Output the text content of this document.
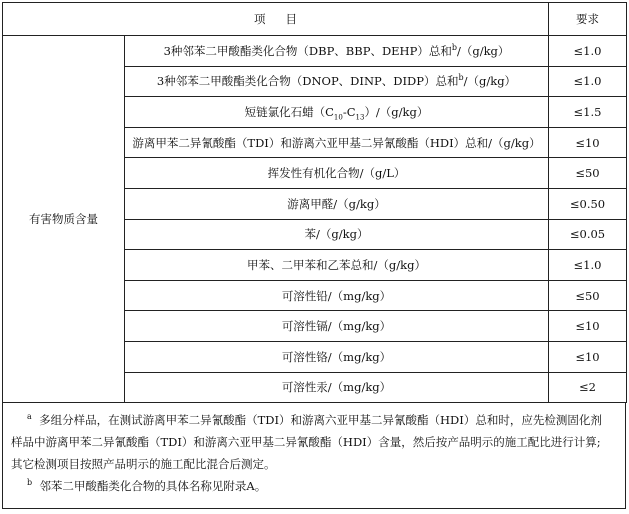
项目		要求
有害物质含量	3种邻苯二甲酸酯类化合物（DBP、BBP、DEHP）总和$^b$/（g/kg）	≤1.0
	3种邻苯二甲酸酯类化合物（DNOP、DINP、DIDP）总和$^b$/（g/kg）	≤1.0
	短链氯化石蜡$(C_{10}-C_{13})/(g/kg)$	≤1.5
	游离甲苯二异氰酸酯（TDI）和游离六亚甲基二异氰酸酯（HDI）总和/（g/kg）	≤10
	挥发性有机化合物/（g/L）	≤50
	游离甲醛/（g/kg）	≤0.50
	苯/（g/kg）	≤0.05
	甲苯、二甲苯和乙苯总和/（g/kg）	≤1.0
	可溶性铅/（mg/kg）	≤50
	可溶性镉/（mg/kg）	≤10
	可溶性铬/（mg/kg）	≤10
	可溶性汞/（mg/kg）	≤2
$^a$ 多组分样品，在测试游离甲苯二异氰酸酯（TDI）和游离六亚甲基二异氰酸酯（HDI）总和时，应先检测固化剂
样品中游离甲苯二异氰酸酯（TDI）和游离六亚甲基二异氰酸酯（HDI）含量，然后按产品明示的施工配比进行计算;
其它检测项目按照产品明示的施工配比混合后测定。
$^b$ 邻苯二甲酸酯类化合物的具体名称见附录A。
